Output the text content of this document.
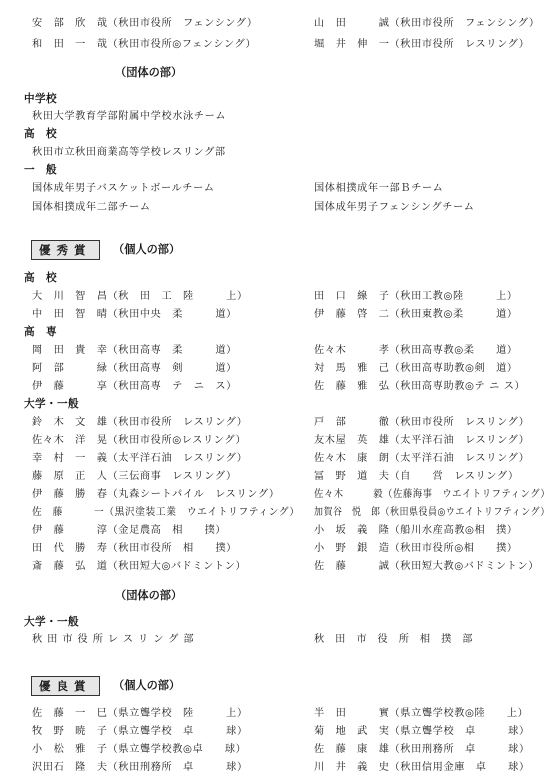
安　部　欣　哉（秋田市役所　フェンシング）	山　田　　　誠（秋田市役所　フェンシング）
和　田　一　哉（秋田市役所◎フェンシング）	堀　井　伸　一（秋田市役所　レスリング）
（団体の部）
中学校
秋田大学教育学部附属中学校水泳チーム
高　校
秋田市立秋田商業高等学校レスリング部
一　般
国体成年男子バスケットボールチーム	国体相撲成年一部Ｂチーム
国体相撲成年二部チーム	国体成年男子フェンシングチーム
優秀賞	（個人の部）
高　校
大　川　智　昌（秋　田　工　陸　　　上）	田　口　線　子（秋田工教◎陸　　　上）
中　田　智　晴（秋田中央　柔　　　道）	伊　藤　啓　二（秋田東教◎柔　　　道）
高　専
岡　田　貴　幸（秋田高専　柔　　　道）	佐々木　　　孝（秋田高専教◎柔　　道）
阿　部　　　緑（秋田高専　剣　　　道）	対　馬　雅　己（秋田高専助教◎剣　道）
伊　藤　　　享（秋田高専　テ　ニ　ス）	佐　藤　雅　弘（秋田高専助教◎テ ニ ス）
大学・一般
鈴　木　文　雄（秋田市役所　レスリング）	戸　部　　　徹（秋田市役所　レスリング）
佐々木　洋　晃（秋田市役所◎レスリング）	友木屋　英　雄（太平洋石油　レスリング）
幸　村　一　義（太平洋石油　レスリング）	佐々木　康　朗（太平洋石油　レスリング）
藤　原　正　人（三伝商事　レスリング）	冨　野　道　夫（自　　営　レスリング）
伊　藤　勝　春（丸森シートパイル　レスリング）	佐々木　　　毅（佐藤海事　ウエイトリフティング）
佐　藤　　　一（黒沢塗装工業　ウエイトリフティング） 加賀谷　悦　郎（秋田県役員◎ウエイトリフティング）
伊　藤　　　淳（金足農高　相　　撲）	小　坂　義　隆（船川水産高教◎相　撲）
田　代　勝　寿（秋田市役所　相　　撲）	小　野　銀　造（秋田市役所◎相　　撲）
斎　藤　弘　道（秋田短大◎バドミントン）	佐　藤　　　誠（秋田短大教◎バドミントン）
（団体の部）
大学・一般
秋田市役所レスリング部	秋田市役所相撲部
優良賞	（個人の部）
佐　藤　一　巳（県立聾学校　陸　　　上）	半　田　　　實（県立聾学校教◎陸　　上）
牧　野　暁　子（県立聾学校　卓　　　球）	菊　地　武　実（県立聾学校　卓　　　球）
小　松　雅　子（県立聾学校教◎卓　　球）	佐　藤　康　雄（秋田刑務所　卓　　　球）
沢田石　隆　夫（秋田刑務所　卓　　　球）	川　井　義　史（秋田信用金庫　卓　　球）
